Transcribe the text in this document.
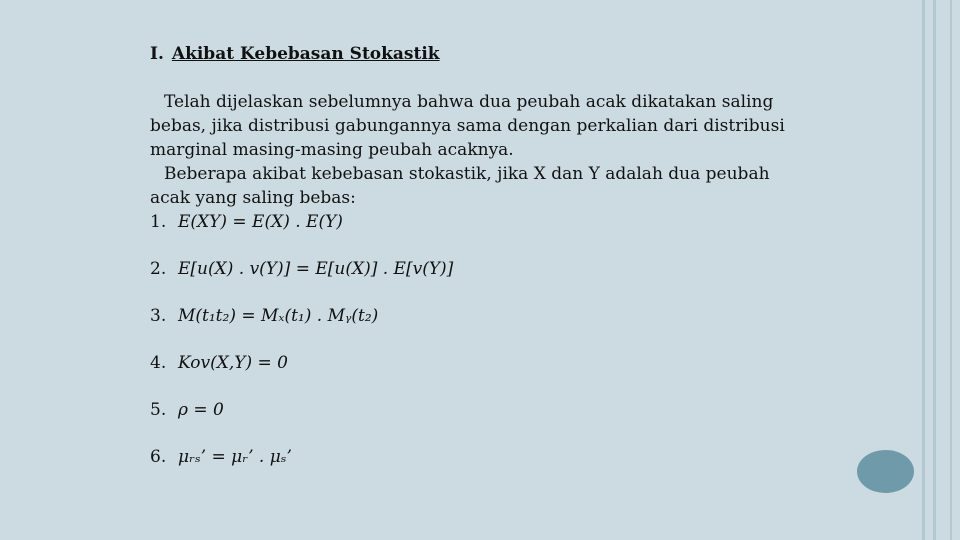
I. Akibat Kebebasan Stokastik

Telah dijelaskan sebelumnya bahwa dua peubah acak dikatakan saling bebas, jika distribusi gabungannya sama dengan perkalian dari distribusi marginal masing-masing peubah acaknya.

Beberapa akibat kebebasan stokastik, jika X dan Y adalah dua peubah acak yang saling bebas:

1. E(XY) = E(X) . E(Y)
2. E[u(X) . v(Y)] = E[u(X)] . E[v(Y)]
3. M(t₁t₂) = Mₓ(t₁) . Mᵧ(t₂)
4. Kov(X,Y) = 0
5. ρ = 0
6. μᵣₛ’ = μᵣ’ . μₛ’
